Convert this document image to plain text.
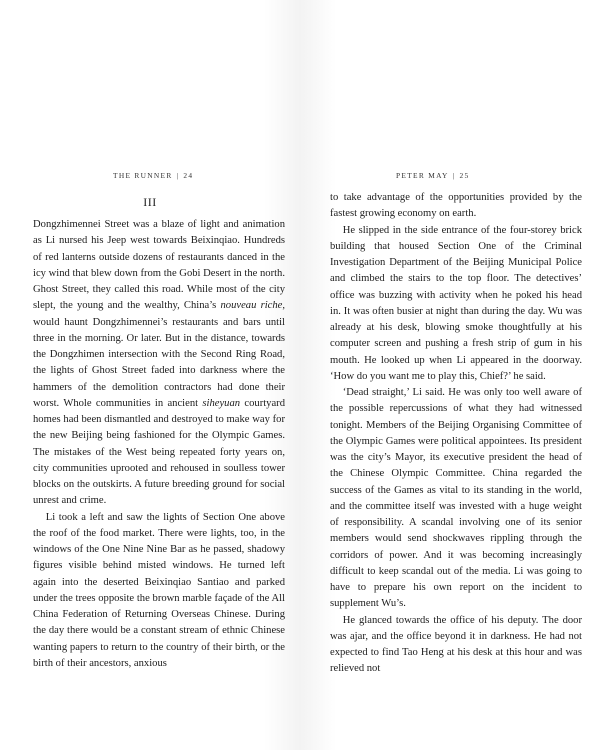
THE RUNNER | 24
III

Dongzhimennei Street was a blaze of light and animation as Li nursed his Jeep west towards Beixinqiao. Hundreds of red lanterns outside dozens of restaurants danced in the icy wind that blew down from the Gobi Desert in the north. Ghost Street, they called this road. While most of the city slept, the young and the wealthy, China’s nouveau riche, would haunt Dongzhimennei’s restaurants and bars until three in the morning. Or later. But in the distance, towards the Dongzhimen intersection with the Second Ring Road, the lights of Ghost Street faded into darkness where the hammers of the demolition contractors had done their worst. Whole communities in ancient siheyuan courtyard homes had been dismantled and destroyed to make way for the new Beijing being fashioned for the Olympic Games. The mistakes of the West being repeated forty years on, city communities uprooted and rehoused in soulless tower blocks on the outskirts. A future breeding ground for social unrest and crime.

Li took a left and saw the lights of Section One above the roof of the food market. There were lights, too, in the windows of the One Nine Nine Bar as he passed, shadowy figures visible behind misted windows. He turned left again into the deserted Beixinqiao Santiao and parked under the trees opposite the brown marble façade of the All China Federation of Returning Overseas Chinese. During the day there would be a constant stream of ethnic Chinese wanting papers to return to the country of their birth, or the birth of their ancestors, anxious

PETER MAY | 25

to take advantage of the opportunities provided by the fastest growing economy on earth.

He slipped in the side entrance of the four-storey brick building that housed Section One of the Criminal Investigation Department of the Beijing Municipal Police and climbed the stairs to the top floor. The detectives’ office was buzzing with activity when he poked his head in. It was often busier at night than during the day. Wu was already at his desk, blowing smoke thoughtfully at his computer screen and pushing a fresh strip of gum in his mouth. He looked up when Li appeared in the doorway. ‘How do you want me to play this, Chief?’ he said.

‘Dead straight,’ Li said. He was only too well aware of the possible repercussions of what they had witnessed tonight. Members of the Beijing Organising Committee of the Olympic Games were political appointees. Its president was the city’s Mayor, its executive president the head of the Chinese Olympic Committee. China regarded the success of the Games as vital to its standing in the world, and the committee itself was invested with a huge weight of responsibility. A scandal involving one of its senior members would send shockwaves rippling through the corridors of power. And it was becoming increasingly difficult to keep scandal out of the media. Li was going to have to prepare his own report on the incident to supplement Wu’s.

He glanced towards the office of his deputy. The door was ajar, and the office beyond it in darkness. He had not expected to find Tao Heng at his desk at this hour and was relieved not
